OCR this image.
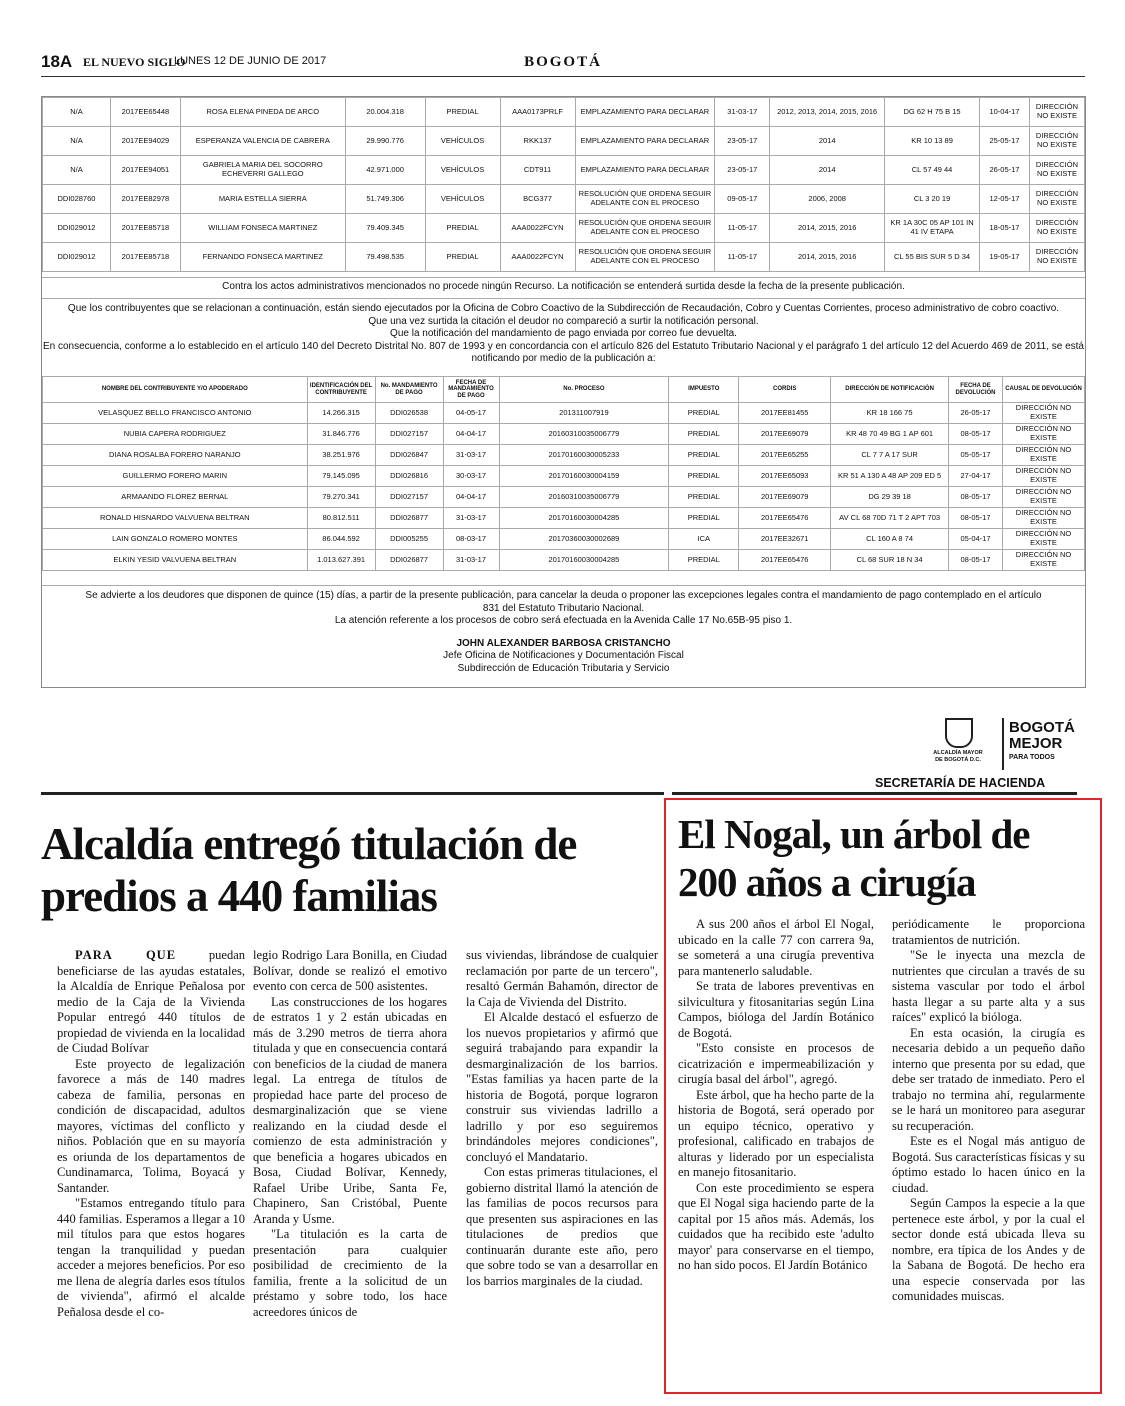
18A EL NUEVO SIGLO
LUNES 12 DE JUNIO DE 2017	BOGOTÁ
N/A	2017EE65448	ROSA ELENA PINEDA DE ARCO	20.004.318	PREDIAL	AAA0173PRLF	EMPLAZAMIENTO PARA DECLARAR	31-03-17	2012, 2013, 2014, 2015, 2016	DG 62 H 75 B 15	10-04-17	DIRECCIÓN NO EXISTE
N/A	2017EE94029	ESPERANZA VALENCIA DE CABRERA	29.990.776	VEHÍCULOS	RKK137	EMPLAZAMIENTO PARA DECLARAR	23-05-17	2014	KR 10 13 89	25-05-17	DIRECCIÓN NO EXISTE
N/A	2017EE94051	GABRIELA MARIA DEL SOCORRO ECHEVERRI GALLEGO	42.971.000	VEHÍCULOS	CDT911	EMPLAZAMIENTO PARA DECLARAR	23-05-17	2014	CL 57 49 44	26-05-17	DIRECCIÓN NO EXISTE
DDI028760	2017EE82978	MARIA ESTELLA SIERRA	51.749.306	VEHÍCULOS	BCG377	RESOLUCIÓN QUE ORDENA SEGUIR ADELANTE CON EL PROCESO	09-05-17	2006, 2008	CL 3 20 19	12-05-17	DIRECCIÓN NO EXISTE
DDI029012	2017EE85718	WILLIAM FONSECA MARTINEZ	79.409.345	PREDIAL	AAA0022FCYN	RESOLUCIÓN QUE ORDENA SEGUIR ADELANTE CON EL PROCESO	11-05-17	2014, 2015, 2016	KR 1A 30C 05 AP 101 IN 41 IV ETAPA	18-05-17	DIRECCIÓN NO EXISTE
DDI029012	2017EE85718	FERNANDO FONSECA MARTINEZ	79.498.535	PREDIAL	AAA0022FCYN	RESOLUCIÓN QUE ORDENA SEGUIR ADELANTE CON EL PROCESO	11-05-17	2014, 2015, 2016	CL 55 BIS SUR 5 D 34	19-05-17	DIRECCIÓN NO EXISTE
Contra los actos administrativos mencionados no procede ningún Recurso. La notificación se entenderá surtida desde la fecha de la presente publicación.
Que los contribuyentes que se relacionan a continuación, están siendo ejecutados por la Oficina de Cobro Coactivo de la Subdirección de Recaudación, Cobro y Cuentas Corrientes, proceso administrativo de cobro coactivo.
Que una vez surtida la citación el deudor no compareció a surtir la notificación personal.
Que la notificación del mandamiento de pago enviada por correo fue devuelta.
En consecuencia, conforme a lo establecido en el artículo 140 del Decreto Distrital No. 807 de 1993 y en concordancia con el artículo 826 del Estatuto Tributario Nacional y el parágrafo 1 del artículo 12 del Acuerdo 469 de 2011, se está
notificando por medio de la publicación a:
NOMBRE DEL CONTRIBUYENTE Y/O APODERADO	IDENTIFICACIÓN DEL CONTRIBUYENTE	No. MANDAMIENTO DE PAGO	FECHA DE MANDAMIENTO DE PAGO	No. PROCESO	IMPUESTO	CORDIS	DIRECCIÓN DE NOTIFICACIÓN	FECHA DE DEVOLUCIÓN	CAUSAL DE DEVOLUCIÓN
VELASQUEZ BELLO FRANCISCO ANTONIO	14.266.315	DDI026538	04-05-17	201311007919	PREDIAL	2017EE81455	KR 18 166 75	26-05-17	DIRECCIÓN NO EXISTE
NUBIA CAPERA RODRIGUEZ	31.846.776	DDI027157	04-04-17	20160310035006779	PREDIAL	2017EE69079	KR 48 70 49 BG 1 AP 601	08-05-17	DIRECCIÓN NO EXISTE
DIANA ROSALBA FORERO NARANJO	38.251.976	DDI026847	31-03-17	20170160030005233	PREDIAL	2017EE65255	CL 7 7 A 17 SUR	05-05-17	DIRECCIÓN NO EXISTE
GUILLERMO FORERO MARIN	79.145.095	DDI026816	30-03-17	20170160030004159	PREDIAL	2017EE65093	KR 51 A 130 A 48 AP 209 ED 5	27-04-17	DIRECCIÓN NO EXISTE
ARMAANDO FLOREZ BERNAL	79.270.341	DDI027157	04-04-17	20160310035006779	PREDIAL	2017EE69079	DG 29 39 18	08-05-17	DIRECCIÓN NO EXISTE
RONALD HISNARDO VALVUENA BELTRAN	80.812.511	DDI026877	31-03-17	20170160030004285	PREDIAL	2017EE65476	AV CL 68 70D 71 T 2 APT 703	08-05-17	DIRECCIÓN NO EXISTE
LAIN GONZALO ROMERO MONTES	86.044.592	DDI005255	08-03-17	20170360030002689	ICA	2017EE32671	CL 160 A 8 74	05-04-17	DIRECCIÓN NO EXISTE
ELKIN YESID VALVUENA BELTRAN	1.013.627.391	DDI026877	31-03-17	20170160030004285	PREDIAL	2017EE65476	CL 68 SUR 18 N 34	08-05-17	DIRECCIÓN NO EXISTE
Se advierte a los deudores que disponen de quince (15) días, a partir de la presente publicación, para cancelar la deuda o proponer las excepciones legales contra el mandamiento de pago contemplado en el artículo
831 del Estatuto Tributario Nacional.
La atención referente a los procesos de cobro será efectuada en la Avenida Calle 17 No.65B-95 piso 1.
JOHN ALEXANDER BARBOSA CRISTANCHO
Jefe Oficina de Notificaciones y Documentación Fiscal
Subdirección de Educación Tributaria y Servicio
ALCALDÍA MAYOR
DE BOGOTÁ D.C.
BOGOTÁ
MEJOR
PARA TODOS
SECRETARÍA DE HACIENDA
Alcaldía entregó titulación de predios a 440 familias

PARA QUE puedan beneficiarse de las ayudas estatales, la Alcaldía de Enrique Peñalosa por medio de la Caja de la Vivienda Popular entregó 440 títulos de propiedad de vivienda en la localidad de Ciudad Bolívar

Este proyecto de legalización favorece a más de 140 madres cabeza de familia, personas en condición de discapacidad, adultos mayores, víctimas del conflicto y niños. Población que en su mayoría es oriunda de los departamentos de Cundinamarca, Tolima, Boyacá y Santander.

"Estamos entregando título para 440 familias. Esperamos a llegar a 10 mil títulos para que estos hogares tengan la tranquilidad y puedan acceder a mejores beneficios. Por eso me llena de alegría darles esos títulos de vivienda", afirmó el alcalde Peñalosa desde el co-

legio Rodrigo Lara Bonilla, en Ciudad Bolívar, donde se realizó el emotivo evento con cerca de 500 asistentes.

Las construcciones de los hogares de estratos 1 y 2 están ubicadas en más de 3.290 metros de tierra ahora titulada y que en consecuencia contará con beneficios de la ciudad de manera legal. La entrega de títulos de propiedad hace parte del proceso de desmarginalización que se viene realizando en la ciudad desde el comienzo de esta administración y que beneficia a hogares ubicados en Bosa, Ciudad Bolívar, Kennedy, Rafael Uribe Uribe, Santa Fe, Chapinero, San Cristóbal, Puente Aranda y Usme.

"La titulación es la carta de presentación para cualquier posibilidad de crecimiento de la familia, frente a la solicitud de un préstamo y sobre todo, los hace acreedores únicos de

sus viviendas, librándose de cualquier reclamación por parte de un tercero", resaltó Germán Bahamón, director de la Caja de Vivienda del Distrito.

El Alcalde destacó el esfuerzo de los nuevos propietarios y afirmó que seguirá trabajando para expandir la desmarginalización de los barrios. "Estas familias ya hacen parte de la historia de Bogotá, porque lograron construir sus viviendas ladrillo a ladrillo y por eso seguiremos brindándoles mejores condiciones", concluyó el Mandatario.

Con estas primeras titulaciones, el gobierno distrital llamó la atención de las familias de pocos recursos para que presenten sus aspiraciones en las titulaciones de predios que continuarán durante este año, pero que sobre todo se van a desarrollar en los barrios marginales de la ciudad.

El Nogal, un árbol de 200 años a cirugía

A sus 200 años el árbol El Nogal, ubicado en la calle 77 con carrera 9a, se someterá a una cirugía preventiva para mantenerlo saludable.

Se trata de labores preventivas en silvicultura y fitosanitarias según Lina Campos, bióloga del Jardín Botánico de Bogotá.

"Esto consiste en procesos de cicatrización e impermeabilización y cirugía basal del árbol", agregó.

Este árbol, que ha hecho parte de la historia de Bogotá, será operado por un equipo técnico, operativo y profesional, calificado en trabajos de alturas y liderado por un especialista en manejo fitosanitario.

Con este procedimiento se espera que El Nogal siga haciendo parte de la capital por 15 años más. Además, los cuidados que ha recibido este 'adulto mayor' para conservarse en el tiempo, no han sido pocos. El Jardín Botánico

periódicamente le proporciona tratamientos de nutrición.

"Se le inyecta una mezcla de nutrientes que circulan a través de su sistema vascular por todo el árbol hasta llegar a su parte alta y a sus raíces" explicó la bióloga.

En esta ocasión, la cirugía es necesaria debido a un pequeño daño interno que presenta por su edad, que debe ser tratado de inmediato. Pero el trabajo no termina ahí, regularmente se le hará un monitoreo para asegurar su recuperación.

Este es el Nogal más antiguo de Bogotá. Sus características físicas y su óptimo estado lo hacen único en la ciudad.

Según Campos la especie a la que pertenece este árbol, y por la cual el sector donde está ubicada lleva su nombre, era típica de los Andes y de la Sabana de Bogotá. De hecho era una especie conservada por las comunidades muiscas.
